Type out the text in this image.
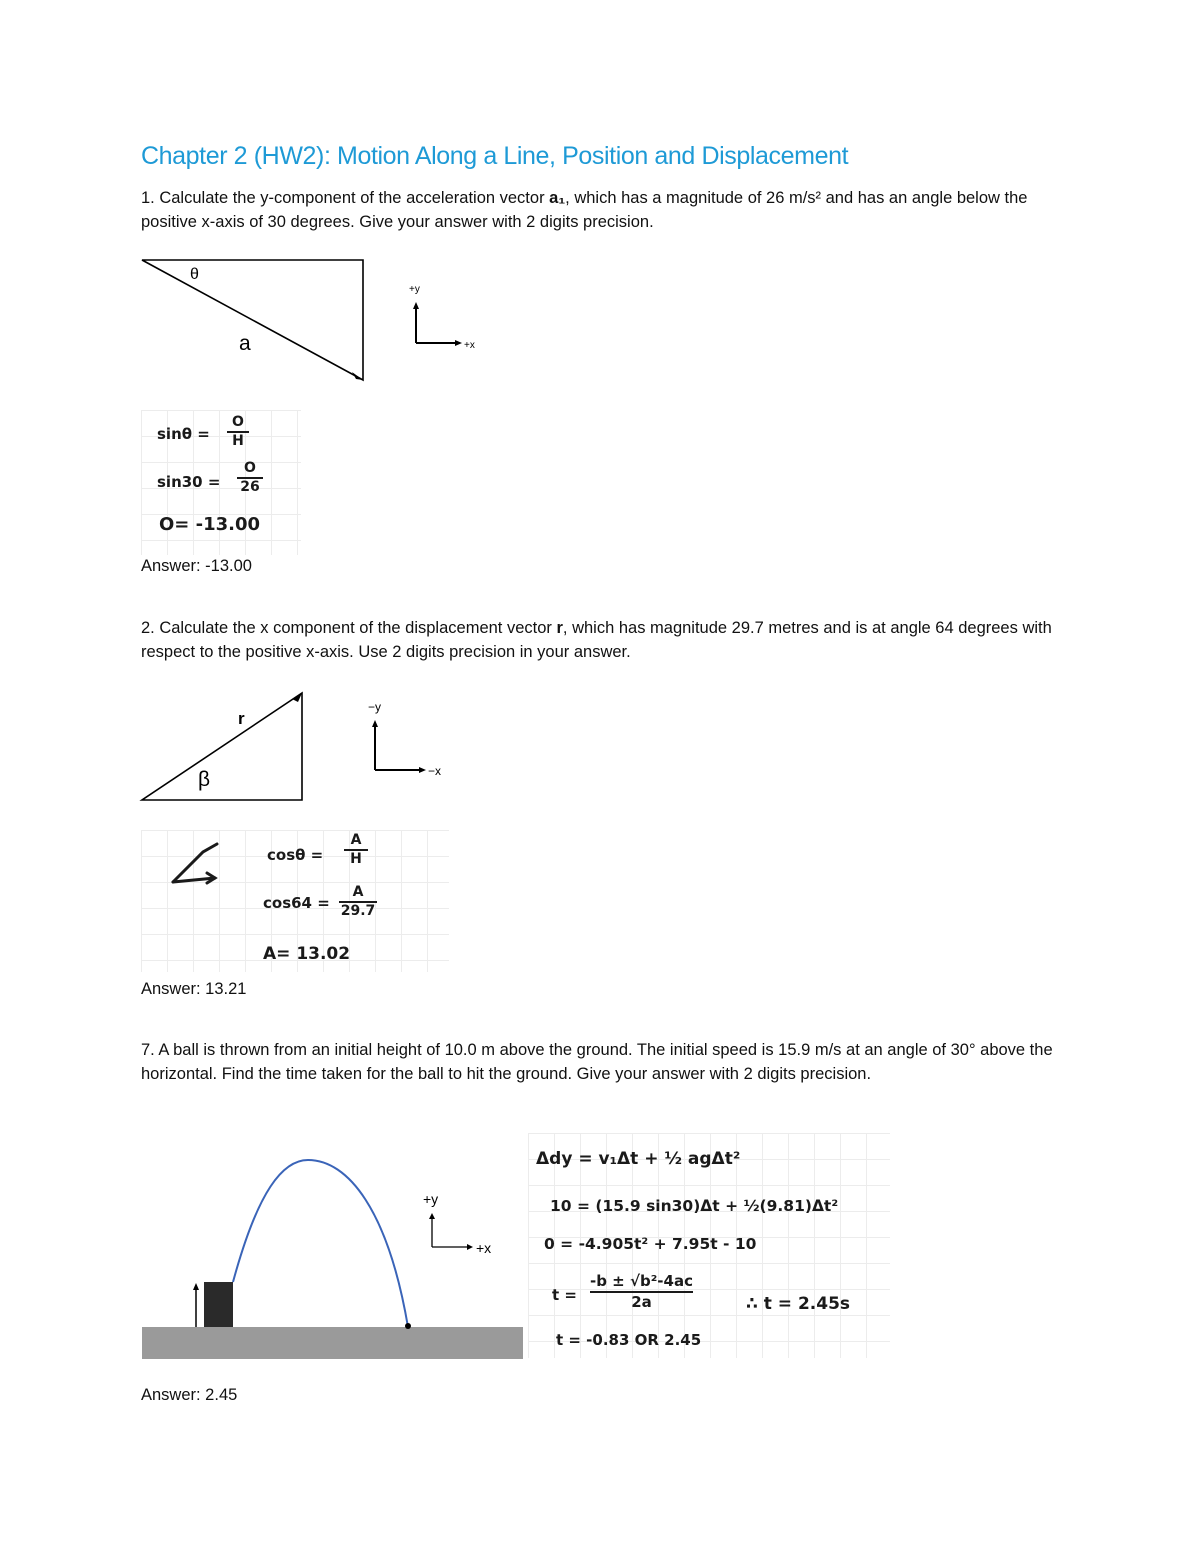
Chapter 2 (HW2): Motion Along a Line, Position and Displacement
1. Calculate the y-component of the acceleration vector a₁, which has a magnitude of 26 m/s² and has an angle below the positive x-axis of 30 degrees. Give your answer with 2 digits precision.
θ
a
+y
+x
$\sin\theta = \frac{O}{H}$
$\sin 30 = \frac{O}{26}$
O= -13.00
Answer: -13.00
2. Calculate the x component of the displacement vector r, which has magnitude 29.7 metres and is at angle 64 degrees with respect to the positive x-axis. Use 2 digits precision in your answer.
r
β
−y
−x
$\cos\theta = \frac{A}{H}$
$\cos 64 = \frac{A}{29.7}$
A= 13.02
Answer: 13.21
7. A ball is thrown from an initial height of 10.0 m above the ground. The initial speed is 15.9 m/s at an angle of 30° above the horizontal. Find the time taken for the ball to hit the ground. Give your answer with 2 digits precision.
+y
+x
Δdy = v₁Δt + ½ agΔt²
10 = (15.9 sin30)Δt + ½(9.81)Δt²
0 = -4.905t² + 7.95t - 10
$t = \frac{\text{-b ± √b²-4ac}}{2a}$	∴ t = 2.45s
t = -0.83 OR 2.45
Answer: 2.45
